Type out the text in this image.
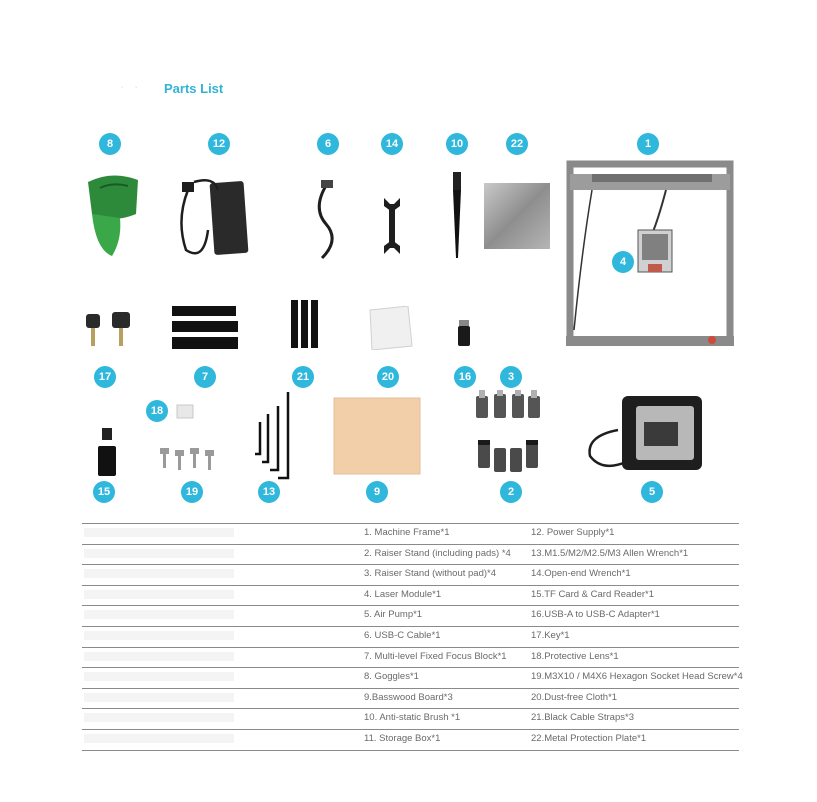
· · Parts List
8	12	6	14	10	22	1
4
17	7	21	20	16	3
18
15	19	13	9	2	5
1. Machine Frame*1	12. Power Supply*1
2. Raiser Stand (including pads) *4 13.M1.5/M2/M2.5/M3 Allen Wrench*1
3. Raiser Stand (without pad)*4	14.Open-end Wrench*1
4. Laser Module*1	15.TF Card & Card Reader*1
5. Air Pump*1	16.USB-A to USB-C Adapter*1
6. USB-C Cable*1	17.Key*1
7. Multi-level Fixed Focus Block*1	18.Protective Lens*1
8. Goggles*1	19.M3X10 / M4X6 Hexagon Socket Head Screw*4
9.Basswood Board*3	20.Dust-free Cloth*1
10. Anti-static Brush *1	21.Black Cable Straps*3
11. Storage Box*1	22.Metal Protection Plate*1
